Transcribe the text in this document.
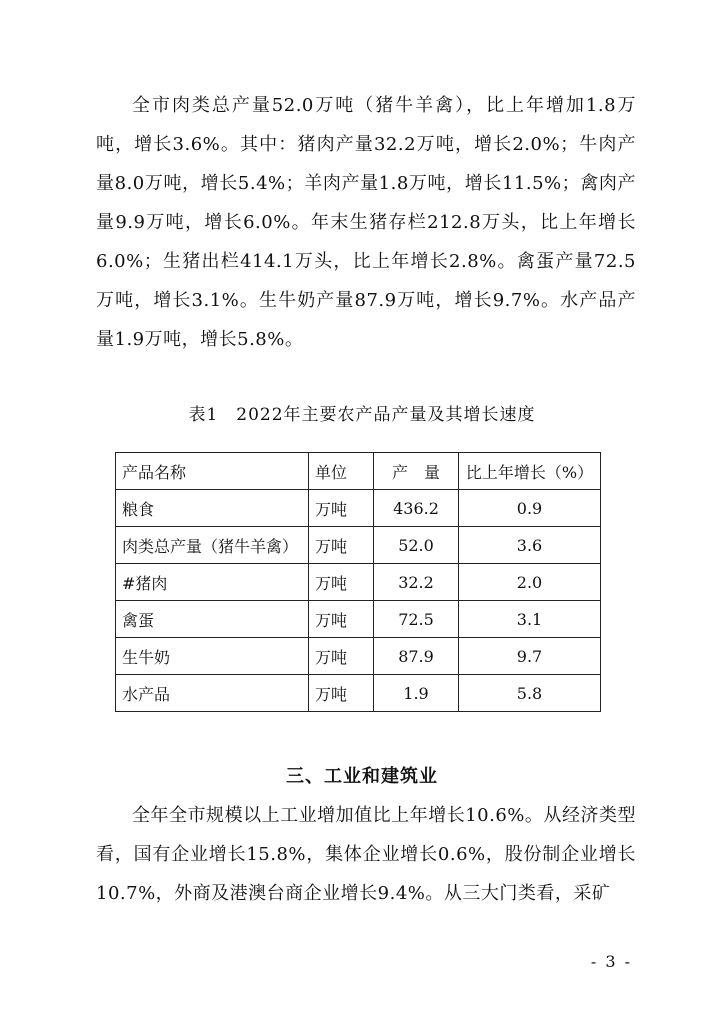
全市肉类总产量52.0万吨（猪牛羊禽），比上年增加1.8万吨，增长3.6%。其中：猪肉产量32.2万吨，增长2.0%；牛肉产量8.0万吨，增长5.4%；羊肉产量1.8万吨，增长11.5%；禽肉产量9.9万吨，增长6.0%。年末生猪存栏212.8万头，比上年增长6.0%；生猪出栏414.1万头，比上年增长2.8%。禽蛋产量72.5万吨，增长3.1%。生牛奶产量87.9万吨，增长9.7%。水产品产量1.9万吨，增长5.8%。

表1　2022年主要农产品产量及其增长速度
产品名称	单位	产　量	比上年增长（%）
粮食	万吨	436.2	0.9
肉类总产量（猪牛羊禽）	万吨	52.0	3.6
#猪肉	万吨	32.2	2.0
禽蛋	万吨	72.5	3.1
生牛奶	万吨	87.9	9.7
水产品	万吨	1.9	5.8
三、工业和建筑业

全年全市规模以上工业增加值比上年增长10.6%。从经济类型看，国有企业增长15.8%，集体企业增长0.6%，股份制企业增长10.7%，外商及港澳台商企业增长9.4%。从三大门类看，采矿

- 3 -
